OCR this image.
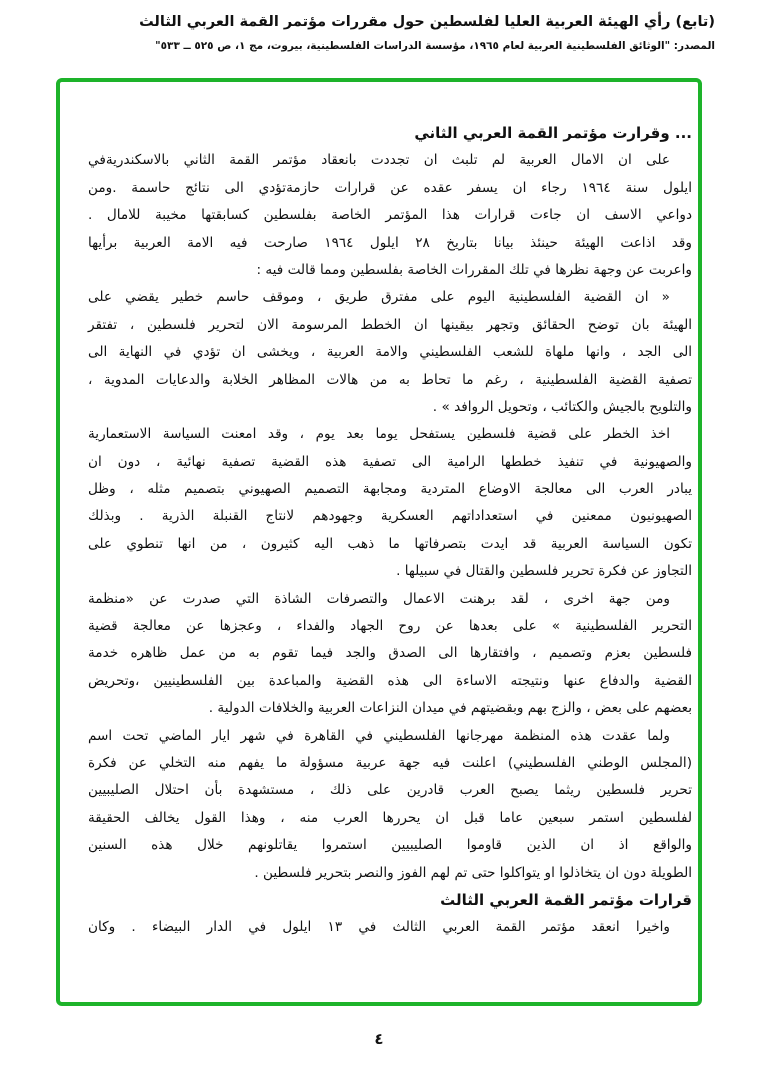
(تابع) رأي الهيئة العربية العليا لفلسطين حول مقررات مؤتمر القمة العربي الثالث
المصدر: "الوثائق الفلسطينية العربية لعام ١٩٦٥، مؤسسة الدراسات الفلسطينية، بيروت، مج ١، ص ٥٢٥ ــ ٥٣٣"
... وقرارت مؤتمر القمة العربي الثاني
على ان الامال العربية لم تلبث ان تجددت بانعقاد مؤتمر القمة الثاني بالاسكندريةفي
ايلول سنة ١٩٦٤ رجاء ان يسفر عقده عن قرارات حازمةتؤدي الى نتائج حاسمة .ومن
دواعي الاسف ان جاءت قرارات هذا المؤتمر الخاصة بفلسطين كسابقتها مخيبة للامال .
وقد اذاعت الهيئة حينئذ بيانا بتاريخ ٢٨ ايلول ١٩٦٤ صارحت فيه الامة العربية برأيها
واعربت عن وجهة نظرها في تلك المقررات الخاصة بفلسطين ومما قالت فيه :
« ان القضية الفلسطينية اليوم على مفترق طريق ، وموقف حاسم خطير يقضي على
الهيئة بان توضح الحقائق وتجهر بيقينها ان الخطط المرسومة الان لتحرير فلسطين ، تفتقر
الى الجد ، وانها ملهاة للشعب الفلسطيني والامة العربية ، ويخشى ان تؤدي في النهاية الى
تصفية القضية الفلسطينية ، رغم ما تحاط به من هالات المظاهر الخلابة والدعايات المدوية ،
والتلويح بالجيش والكتائب ، وتحويل الروافد » .
اخذ الخطر على قضية فلسطين يستفحل يوما بعد يوم ، وقد امعنت السياسة الاستعمارية
والصهيونية في تنفيذ خططها الرامية الى تصفية هذه القضية تصفية نهائية ، دون ان
يبادر العرب الى معالجة الاوضاع المتردية ومجابهة التصميم الصهيوني بتصميم مثله ، وظل
الصهيونيون ممعنين في استعداداتهم العسكرية وجهودهم لانتاج القنبلة الذرية . وبذلك
تكون السياسة العربية قد ايدت بتصرفاتها ما ذهب اليه كثيرون ، من انها تنطوي على
التجاوز عن فكرة تحرير فلسطين والقتال في سبيلها .
ومن جهة اخرى ، لقد برهنت الاعمال والتصرفات الشاذة التي صدرت عن «منظمة
التحرير الفلسطينية » على بعدها عن روح الجهاد والفداء ، وعجزها عن معالجة قضية
فلسطين بعزم وتصميم ، وافتقارها الى الصدق والجد فيما تقوم به من عمل ظاهره خدمة
القضية والدفاع عنها ونتيجته الاساءة الى هذه القضية والمباعدة بين الفلسطينيين ،وتحريض
بعضهم على بعض ، والزج بهم وبقضيتهم في ميدان النزاعات العربية والخلافات الدولية .
ولما عقدت هذه المنظمة مهرجانها الفلسطيني في القاهرة في شهر ايار الماضي تحت اسم
(المجلس الوطني الفلسطيني) اعلنت فيه جهة عربية مسؤولة ما يفهم منه التخلي عن فكرة
تحرير فلسطين ريثما يصبح العرب قادرين على ذلك ، مستشهدة بأن احتلال الصليبيين
لفلسطين استمر سبعين عاما قبل ان يحررها العرب منه ، وهذا القول يخالف الحقيقة
والواقع اذ ان الذين قاوموا الصليبيين استمروا يقاتلونهم خلال هذه السنين
الطويلة دون ان يتخاذلوا او يتواكلوا حتى تم لهم الفوز والنصر بتحرير فلسطين .
قرارات مؤتمر القمة العربي الثالث
واخيرا انعقد مؤتمر القمة العربي الثالث في ١٣ ايلول في الدار البيضاء . وكان
٤
